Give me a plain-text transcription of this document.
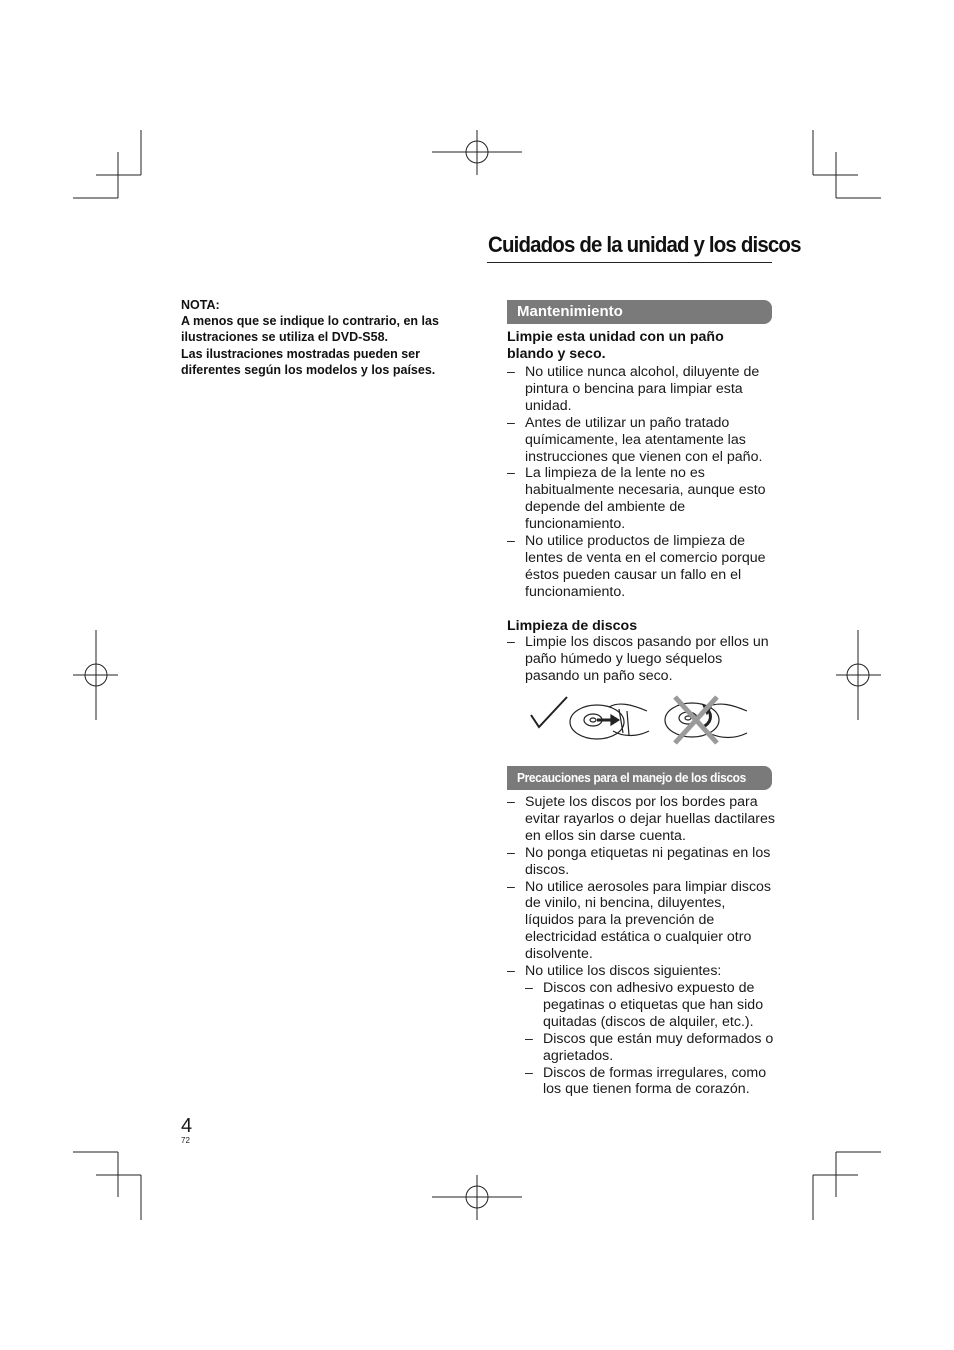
Cuidados de la unidad y los discos
NOTA:
A menos que se indique lo contrario, en las
ilustraciones se utiliza el DVD-S58.
Las ilustraciones mostradas pueden ser
diferentes según los modelos y los países.
Mantenimiento
Limpie esta unidad con un paño blando y seco.
– No utilice nunca alcohol, diluyente de pintura o bencina para limpiar esta unidad.
– Antes de utilizar un paño tratado químicamente, lea atentamente las instrucciones que vienen con el paño.
– La limpieza de la lente no es habitualmente necesaria, aunque esto depende del ambiente de funcionamiento.
– No utilice productos de limpieza de lentes de venta en el comercio porque éstos pueden causar un fallo en el funcionamiento.
Limpieza de discos
– Limpie los discos pasando por ellos un paño húmedo y luego séquelos pasando un paño seco.
Precauciones para el manejo de los discos
– Sujete los discos por los bordes para evitar rayarlos o dejar huellas dactilares en ellos sin darse cuenta.
– No ponga etiquetas ni pegatinas en los discos.
– No utilice aerosoles para limpiar discos de vinilo, ni bencina, diluyentes, líquidos para la prevención de electricidad estática o cualquier otro disolvente.
– No utilice los discos siguientes:
– Discos con adhesivo expuesto de pegatinas o etiquetas que han sido quitadas (discos de alquiler, etc.).
– Discos que están muy deformados o agrietados.
– Discos de formas irregulares, como los que tienen forma de corazón.
4
72
